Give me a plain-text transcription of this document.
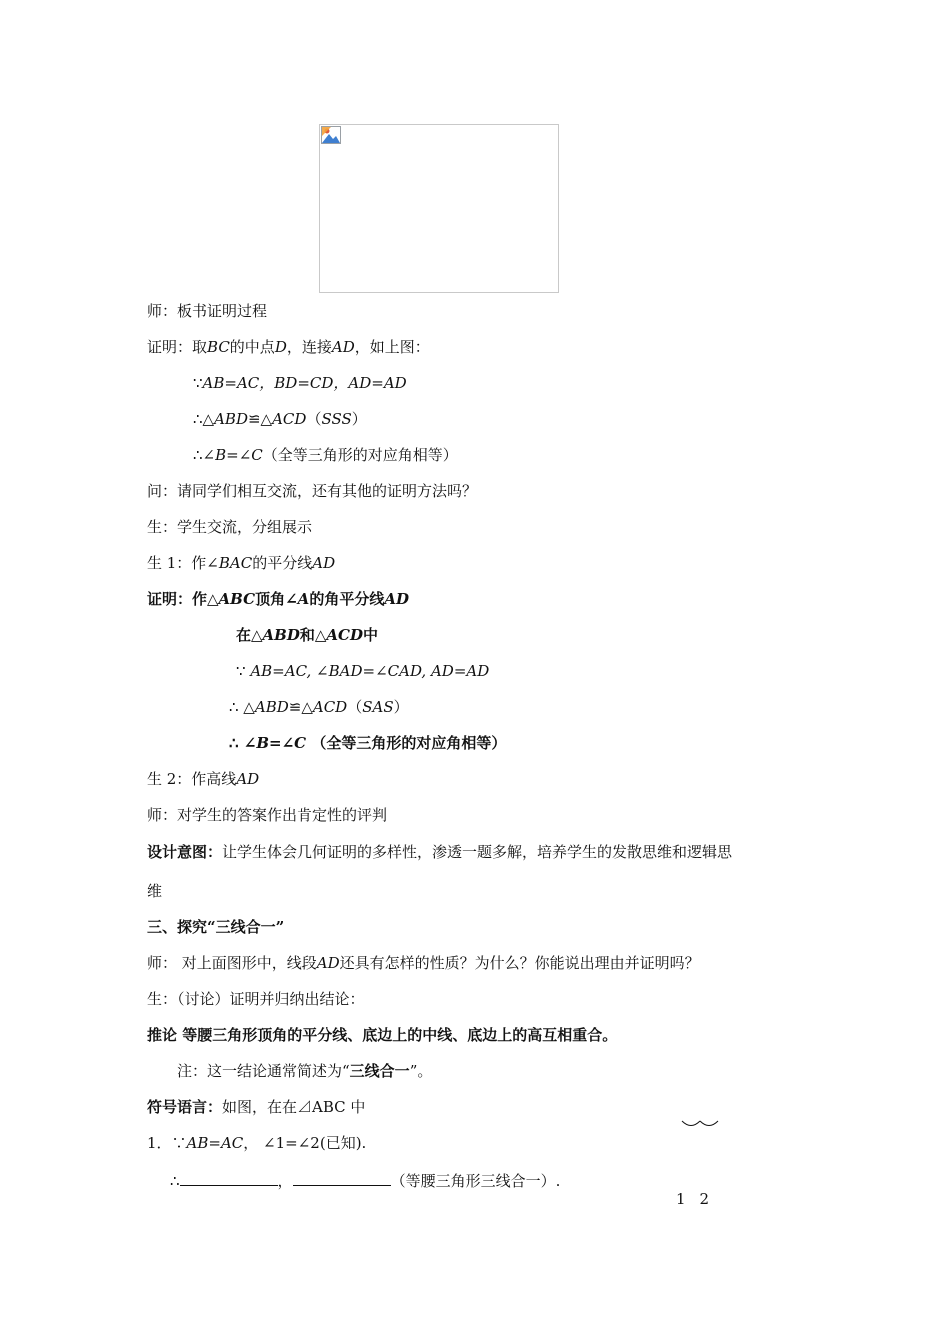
师：板书证明过程
证明：取BC的中点D，连接AD，如上图：
∵AB=AC，BD=CD，AD=AD
∴△ABD≌△ACD（SSS）
∴∠B=∠C（全等三角形的对应角相等）
问：请同学们相互交流，还有其他的证明方法吗？
生：学生交流，分组展示
生 1：作∠BAC的平分线AD
证明：作△ABC顶角∠A的角平分线AD
在△ABD和△ACD中
∵ AB=AC, ∠BAD=∠CAD, AD=AD
∴ △ABD≌△ACD（SAS）
∴ ∠B=∠C （全等三角形的对应角相等）
生 2：作高线AD
师：对学生的答案作出肯定性的评判
设计意图：让学生体会几何证明的多样性，渗透一题多解，培养学生的发散思维和逻辑思
维
三、探究“三线合一”
师： 对上面图形中，线段AD还具有怎样的性质？为什么？你能说出理由并证明吗？
生：（讨论）证明并归纳出结论：
推论 等腰三角形顶角的平分线、底边上的中线、底边上的高互相重合。
注：这一结论通常简述为“三线合一”。
符号语言：如图，在在⊿ABC 中
1．∵AB=AC， ∠1=∠2(已知).
∴	，	（等腰三角形三线合一）.
12
